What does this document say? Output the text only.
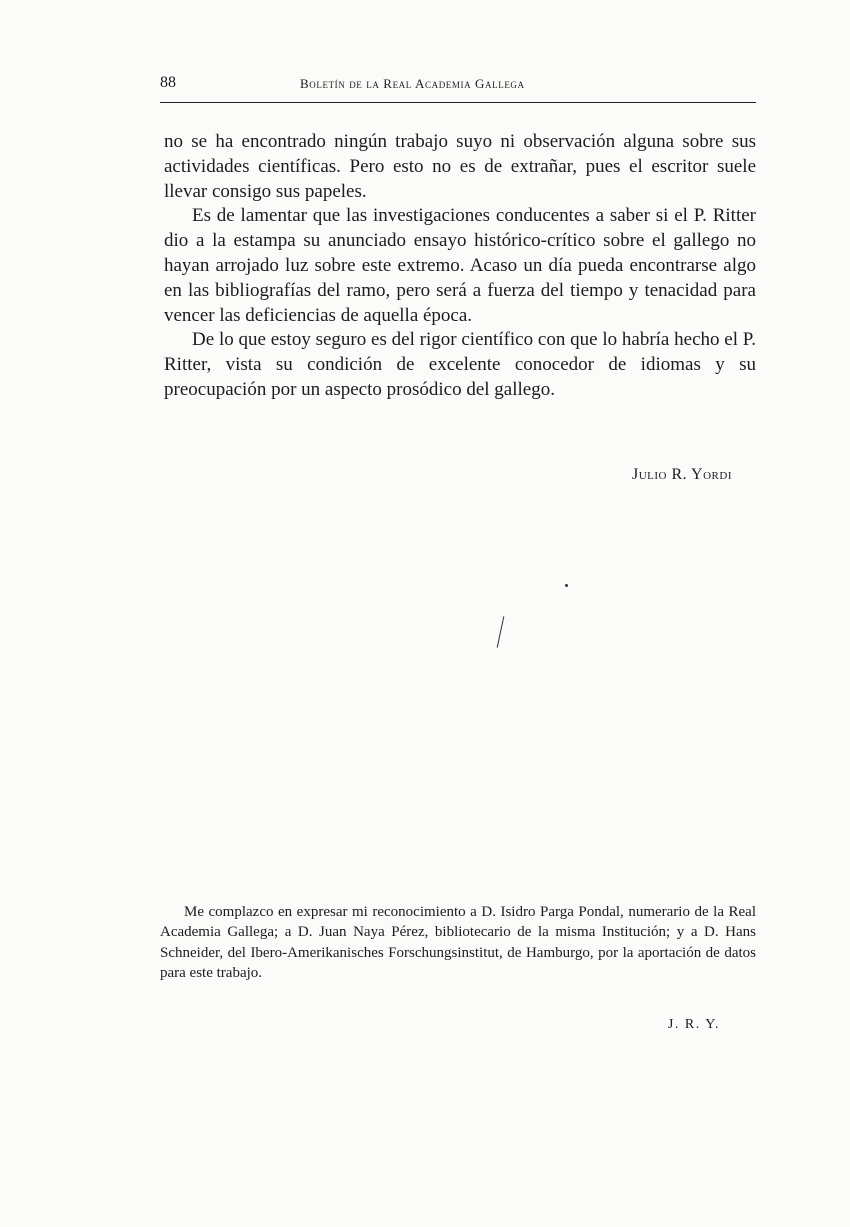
88	Boletín de la Real Academia Gallega

no se ha encontrado ningún trabajo suyo ni observación alguna sobre sus actividades científicas. Pero esto no es de extrañar, pues el escritor suele llevar consigo sus papeles.

Es de lamentar que las investigaciones conducentes a saber si el P. Ritter dio a la estampa su anunciado ensayo histórico-crítico sobre el gallego no hayan arrojado luz sobre este extremo. Acaso un día pueda encontrarse algo en las bibliografías del ramo, pero será a fuerza del tiempo y tenacidad para vencer las deficiencias de aquella época.

De lo que estoy seguro es del rigor científico con que lo habría hecho el P. Ritter, vista su condición de excelente conocedor de idiomas y su preocupación por un aspecto prosódico del gallego.

Julio R. Yordi

Me complazco en expresar mi reconocimiento a D. Isidro Parga Pondal, numerario de la Real Academia Gallega; a D. Juan Naya Pérez, bibliotecario de la misma Institución; y a D. Hans Schneider, del Ibero-Amerikanisches Forschungsinstitut, de Hamburgo, por la aportación de datos para este trabajo.

J. R. Y.
